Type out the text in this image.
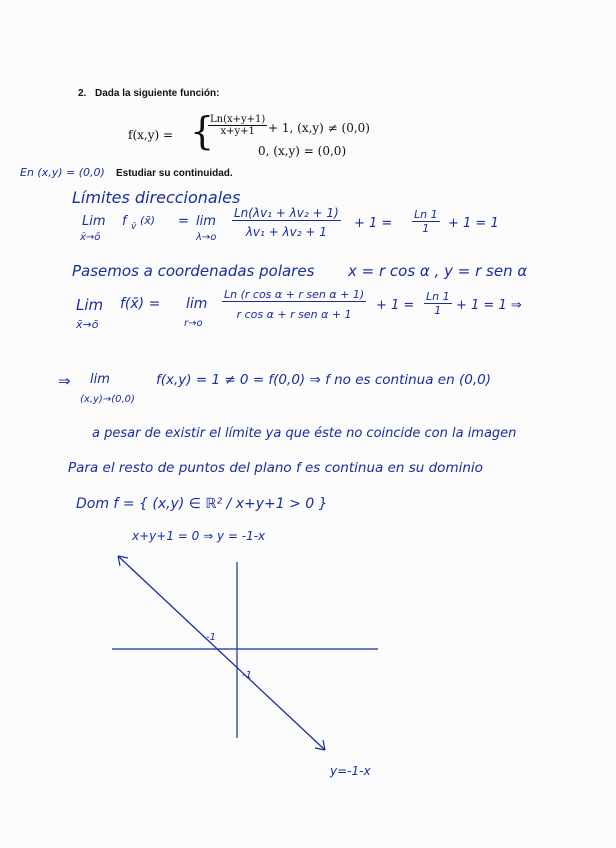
2. Dada la siguiente función:
f(x,y) = {
$\frac{Ln(x+y+1)}{x+y+1} + 1$, (x,y) ≠ (0,0)
0, (x,y) = (0,0)
En (x,y) = (0,0) Estudiar su continuidad.
Límites direccionales
Lim
x̄→ō
f v̄ (x̄) = lim
$\lambda\to o \frac{\text{Ln(λv₁ + λv₂ + 1)}}{\text{λv₁ + λv₂ + 1}} + 1 = \frac{Ln 1}{1} + 1 = 1$
Pasemos a coordenadas polares x = r cos α , y = r sen α
Lim
x̄→ō
f(x̄) = lim
r→o
Ln (r cos α + r sen α + 1)
r cos α + r sen α + 1
+ $1 = \frac{Ln 1}{1} + 1 = 1$ ⇒
⇒ lim
(x,y)→(0,0)
f(x,y) = 1 ≠ 0 = f(0,0) ⇒ f no es continua en (0,0)
a pesar de existir el límite ya que éste no coincide con la imagen
Para el resto de puntos del plano f es continua en su dominio
Dom f = { (x,y) ∈ ℝ² / x+y+1 > 0 }
x+y+1 = 0 ⇒ y = -1-x
-1
-1
y=-1-x
